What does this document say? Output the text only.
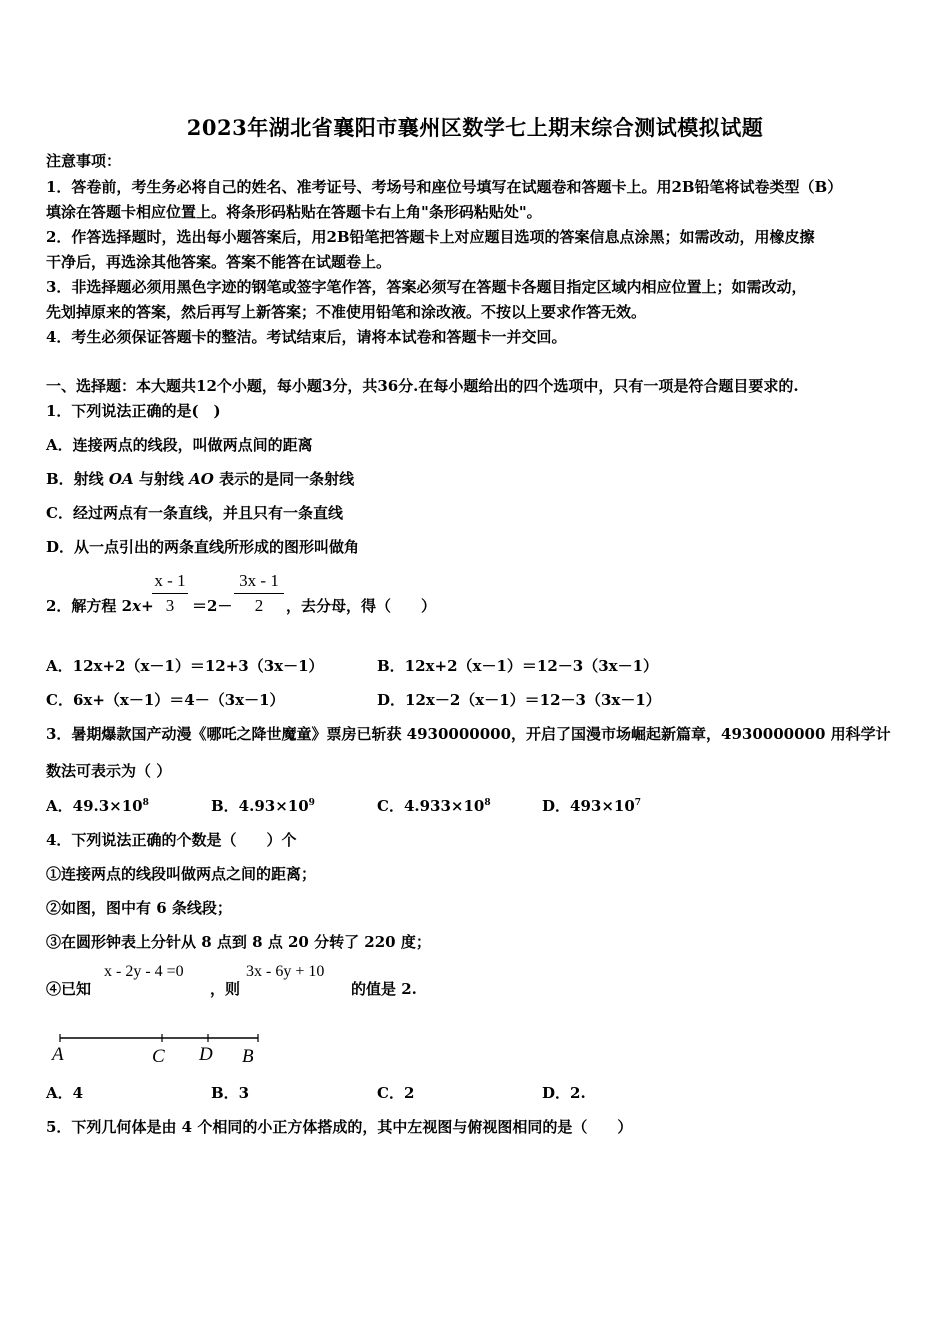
2023年湖北省襄阳市襄州区数学七上期末综合测试模拟试题
注意事项：
1．答卷前，考生务必将自己的姓名、准考证号、考场号和座位号填写在试题卷和答题卡上。用2B铅笔将试卷类型（B）
填涂在答题卡相应位置上。将条形码粘贴在答题卡右上角"条形码粘贴处"。
2．作答选择题时，选出每小题答案后，用2B铅笔把答题卡上对应题目选项的答案信息点涂黑；如需改动，用橡皮擦
干净后，再选涂其他答案。答案不能答在试题卷上。
3．非选择题必须用黑色字迹的钢笔或签字笔作答，答案必须写在答题卡各题目指定区域内相应位置上；如需改动，
先划掉原来的答案，然后再写上新答案；不准使用铅笔和涂改液。不按以上要求作答无效。
4．考生必须保证答题卡的整洁。考试结束后，请将本试卷和答题卡一并交回。
一、选择题：本大题共12个小题，每小题3分，共36分.在每小题给出的四个选项中，只有一项是符合题目要求的.
1．下列说法正确的是(　)
A．连接两点的线段，叫做两点间的距离
B．射线 OA 与射线 AO 表示的是同一条射线
C．经过两点有一条直线，并且只有一条直线
D．从一点引出的两条直线所形成的图形叫做角
2．解方程 2x+
x - 1
3	＝2－
3x - 1
2	，去分母，得（　　）
A．12x+2（x－1）＝12+3（3x－1）	B．12x+2（x－1）＝12－3（3x－1）
C．6x+（x－1）＝4－（3x－1）	D．12x－2（x－1）＝12－3（3x－1）
3．暑期爆款国产动漫《哪吒之降世魔童》票房已斩获 4930000000，开启了国漫市场崛起新篇章，4930000000 用科学计
数法可表示为（ ）
A．$49.3\times 10^8$	B．$4.93\times 10^9$	C．$4.933\times 10^8$	D．$493\times 10^7$
4．下列说法正确的个数是（　　）个
①连接两点的线段叫做两点之间的距离；
②如图，图中有 6 条线段；
③在圆形钟表上分针从 8 点到 8 点 20 分转了 220 度；
④已知
x - 2y - 4 =0
，则
3x - 6y + 10
的值是 2.
A	C D B
A．4	B．3	C．2	D．2.
5．下列几何体是由 4 个相同的小正方体搭成的，其中左视图与俯视图相同的是（　　）
